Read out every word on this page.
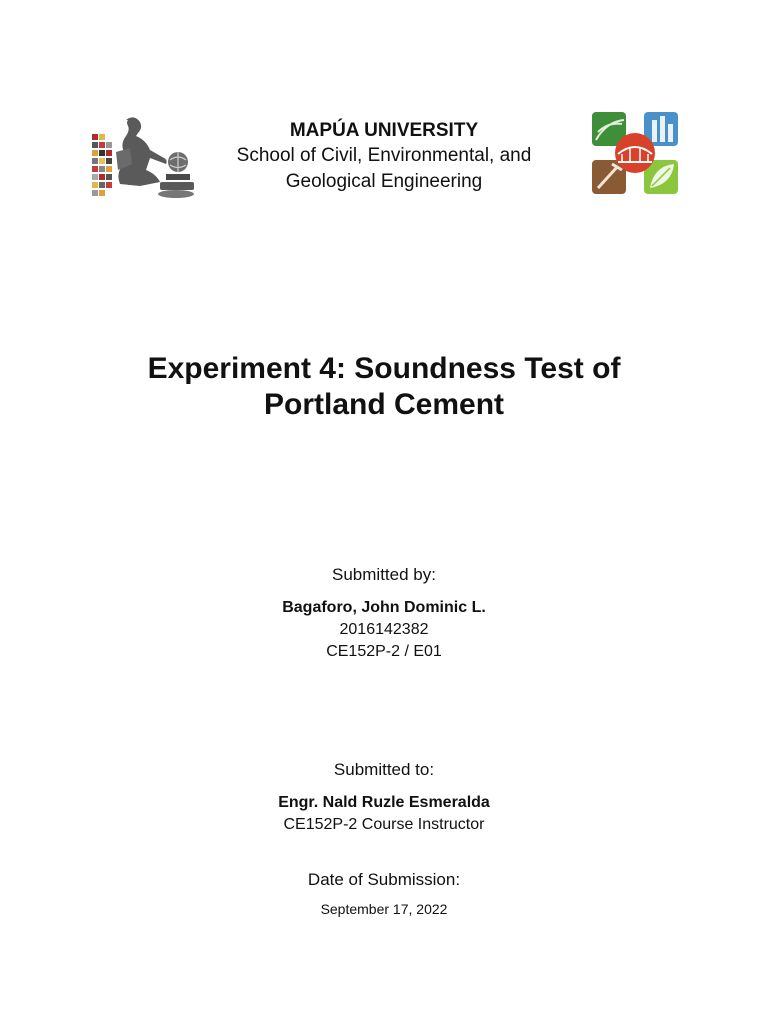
MAPÚA UNIVERSITY
School of Civil, Environmental, and
Geological Engineering
Experiment 4: Soundness Test of
Portland Cement
Submitted by:
Bagaforo, John Dominic L.
2016142382
CE152P-2 / E01
Submitted to:
Engr. Nald Ruzle Esmeralda
CE152P-2 Course Instructor
Date of Submission:
September 17, 2022
